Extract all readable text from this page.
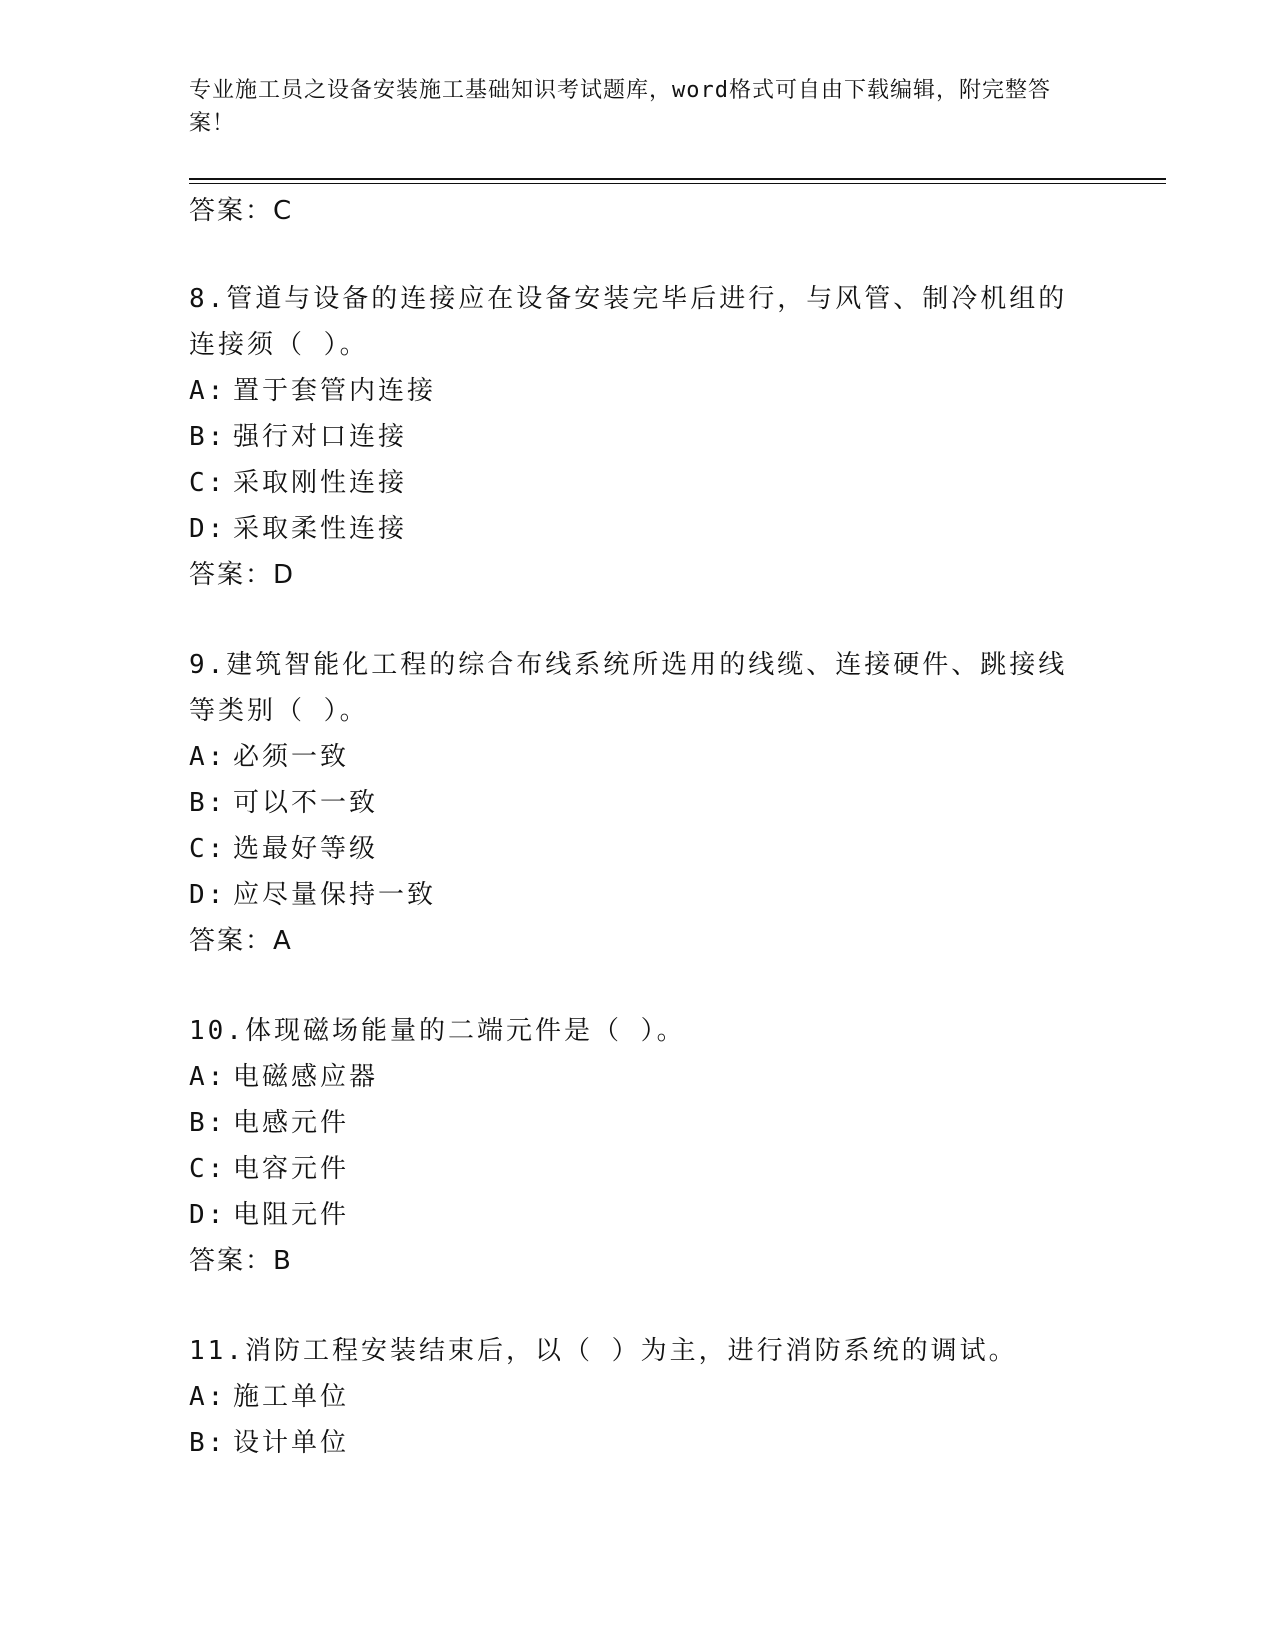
专业施工员之设备安装施工基础知识考试题库，word格式可自由下载编辑，附完整答案！
答案：C
8.管道与设备的连接应在设备安装完毕后进行，与风管、制冷机组的
连接须（ ）。
A: 置于套管内连接
B: 强行对口连接
C: 采取刚性连接
D: 采取柔性连接
答案：D
9.建筑智能化工程的综合布线系统所选用的线缆、连接硬件、跳接线
等类别（ ）。
A: 必须一致
B: 可以不一致
C: 选最好等级
D: 应尽量保持一致
答案：A
10.体现磁场能量的二端元件是（ ）。
A: 电磁感应器
B: 电感元件
C: 电容元件
D: 电阻元件
答案：B
11.消防工程安装结束后，以（ ）为主，进行消防系统的调试。
A: 施工单位
B: 设计单位
